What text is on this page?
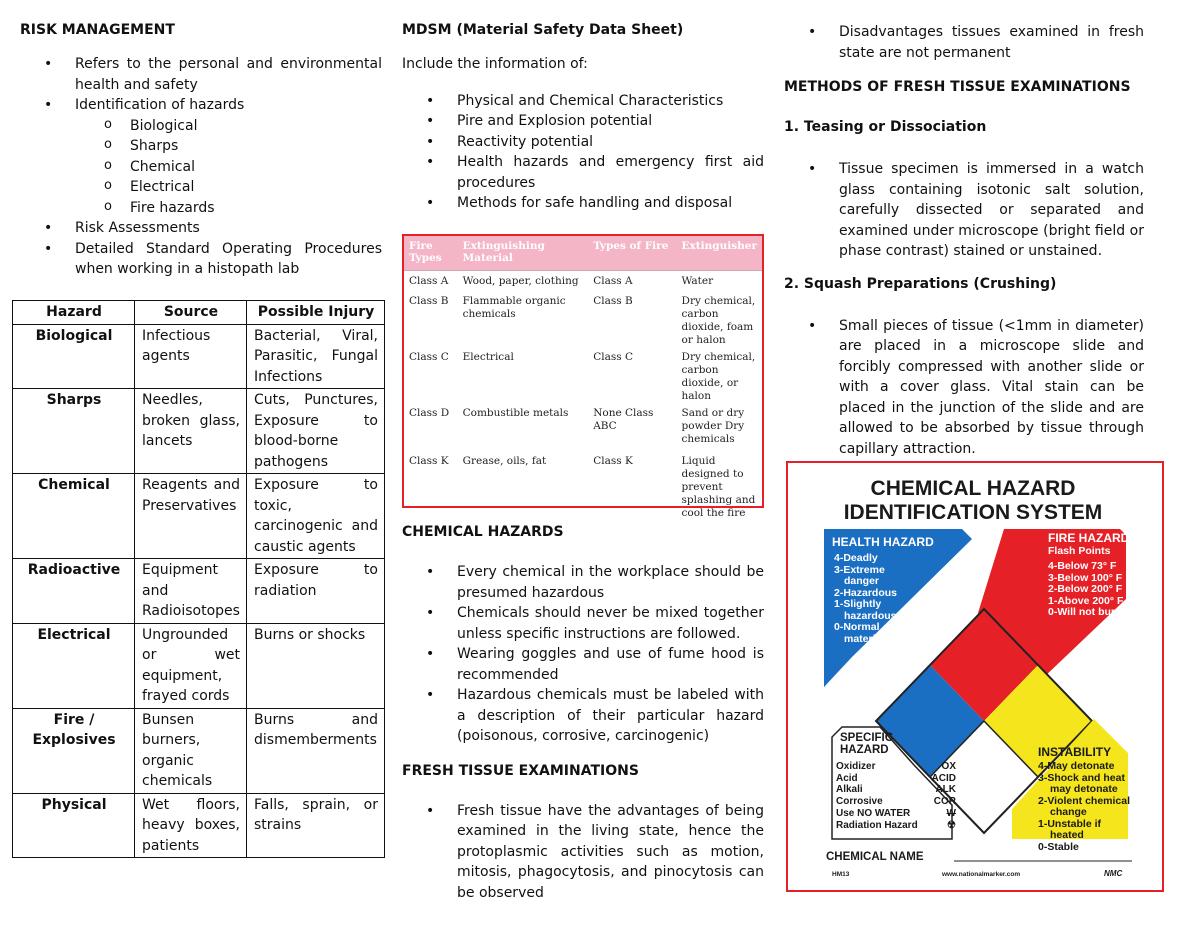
RISK MANAGEMENT
• Refers to the personal and environmental health and safety
• Identification of hazards
o Biological
o Sharps
o Chemical
o Electrical
o Fire hazards
• Risk Assessments
• Detailed Standard Operating Procedures when working in a histopath lab
Hazard	Source	Possible Injury
Biological	Infectious agents	Bacterial, Viral, Parasitic, Fungal Infections
Sharps	Needles, broken glass, lancets	Cuts, Punctures, Exposure to blood-borne pathogens
Chemical	Reagents and Preservatives	Exposure to toxic, carcinogenic and caustic agents
Radioactive	Equipment and Radioisotopes	Exposure to radiation
Electrical	Ungrounded or wet equipment, frayed cords	Burns or shocks
Fire / Explosives	Bunsen burners, organic chemicals	Burns and dismemberments
Physical	Wet floors, heavy boxes, patients	Falls, sprain, or strains
MDSM (Material Safety Data Sheet)

Include the information of:

• Physical and Chemical Characteristics
• Pire and Explosion potential
• Reactivity potential
• Health hazards and emergency first aid procedures
• Methods for safe handling and disposal
Fire Types	Extinguishing Material	Types of Fire	Extinguisher
Class A	Wood, paper, clothing	Class A	Water
Class B	Flammable organic chemicals	Class B	Dry chemical, carbon dioxide, foam or halon
Class C	Electrical	Class C	Dry chemical, carbon dioxide, or halon
Class D	Combustible metals	None Class ABC	Sand or dry powder Dry chemicals
Class K	Grease, oils, fat	Class K	Liquid designed to prevent splashing and cool the fire
CHEMICAL HAZARDS
• Every chemical in the workplace should be presumed hazardous
• Chemicals should never be mixed together unless specific instructions are followed.
• Wearing goggles and use of fume hood is recommended
• Hazardous chemicals must be labeled with a description of their particular hazard (poisonous, corrosive, carcinogenic)
FRESH TISSUE EXAMINATIONS
• Fresh tissue have the advantages of being examined in the living state, hence the protoplasmic activities such as motion, mitosis, phagocytosis, and pinocytosis can be observed
• Disadvantages tissues examined in fresh state are not permanent
METHODS OF FRESH TISSUE EXAMINATIONS
1. Teasing or Dissociation
• Tissue specimen is immersed in a watch glass containing isotonic salt solution, carefully dissected or separated and examined under microscope (bright field or phase contrast) stained or unstained.
2. Squash Preparations (Crushing)
• Small pieces of tissue (<1mm in diameter) are placed in a microscope slide and forcibly compressed with another slide or with a cover glass. Vital stain can be placed in the junction of the slide and are allowed to be absorbed by tissue through capillary attraction.
CHEMICAL HAZARD
IDENTIFICATION SYSTEM
HEALTH HAZARD
4-Deadly
3-Extreme
danger
2-Hazardous
1-Slightly
hazardous
0-Normal
material
FIRE HAZARD
Flash Points
4-Below 73° F
3-Below 100° F
2-Below 200° F
1-Above 200° F
0-Will not burn
SPECIFIC
HAZARD
Oxidizer	OX
Acid	ACID
Alkali	ALK
Corrosive	COR
Use NO WATER	W
Radiation Hazard	☢
INSTABILITY
4-May detonate
3-Shock and heat
may detonate
2-Violent chemical
change
1-Unstable if
heated
0-Stable
CHEMICAL NAME
HM13	www.nationalmarker.com	NMC
